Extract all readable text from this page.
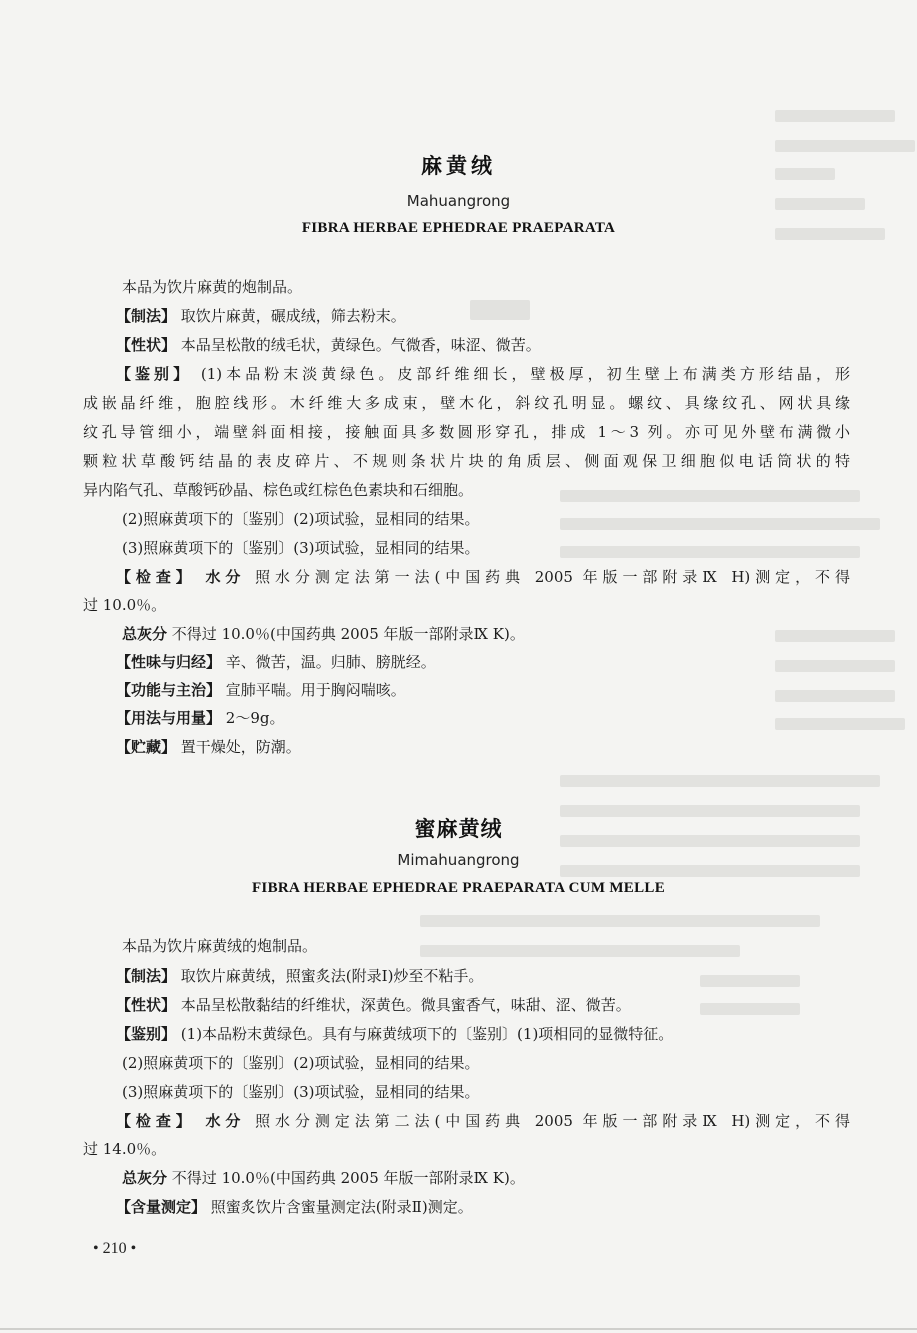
麻黄绒
Mahuangrong
FIBRA HERBAE EPHEDRAE PRAEPARATA
本品为饮片麻黄的炮制品。
【制法】 取饮片麻黄，碾成绒，筛去粉末。
【性状】 本品呈松散的绒毛状，黄绿色。气微香，味涩、微苦。
【鉴别】 (1)本品粉末淡黄绿色。皮部纤维细长，壁极厚，初生壁上布满类方形结晶，形
成嵌晶纤维，胞腔线形。木纤维大多成束，壁木化，斜纹孔明显。螺纹、具缘纹孔、网状具缘
纹孔导管细小，端壁斜面相接，接触面具多数圆形穿孔，排成 1～3 列。亦可见外壁布满微小
颗粒状草酸钙结晶的表皮碎片、不规则条状片块的角质层、侧面观保卫细胞似电话筒状的特
异内陷气孔、草酸钙砂晶、棕色或红棕色色素块和石细胞。
(2)照麻黄项下的〔鉴别〕(2)项试验，显相同的结果。
(3)照麻黄项下的〔鉴别〕(3)项试验，显相同的结果。
【检查】 水分 照水分测定法第一法(中国药典 2005 年版一部附录Ⅸ H)测定，不得
过 10.0％。
总灰分 不得过 10.0％(中国药典 2005 年版一部附录Ⅸ K)。
【性味与归经】 辛、微苦，温。归肺、膀胱经。
【功能与主治】 宣肺平喘。用于胸闷喘咳。
【用法与用量】 2～9g。
【贮藏】 置干燥处，防潮。
蜜麻黄绒
Mimahuangrong
FIBRA HERBAE EPHEDRAE PRAEPARATA CUM MELLE
本品为饮片麻黄绒的炮制品。
【制法】 取饮片麻黄绒，照蜜炙法(附录Ⅰ)炒至不粘手。
【性状】 本品呈松散黏结的纤维状，深黄色。微具蜜香气，味甜、涩、微苦。
【鉴别】 (1)本品粉末黄绿色。具有与麻黄绒项下的〔鉴别〕(1)项相同的显微特征。
(2)照麻黄项下的〔鉴别〕(2)项试验，显相同的结果。
(3)照麻黄项下的〔鉴别〕(3)项试验，显相同的结果。
【检查】 水分 照水分测定法第二法(中国药典 2005 年版一部附录Ⅸ H)测定，不得
过 14.0％。
总灰分 不得过 10.0％(中国药典 2005 年版一部附录Ⅸ K)。
【含量测定】 照蜜炙饮片含蜜量测定法(附录Ⅱ)测定。
• 210 •
